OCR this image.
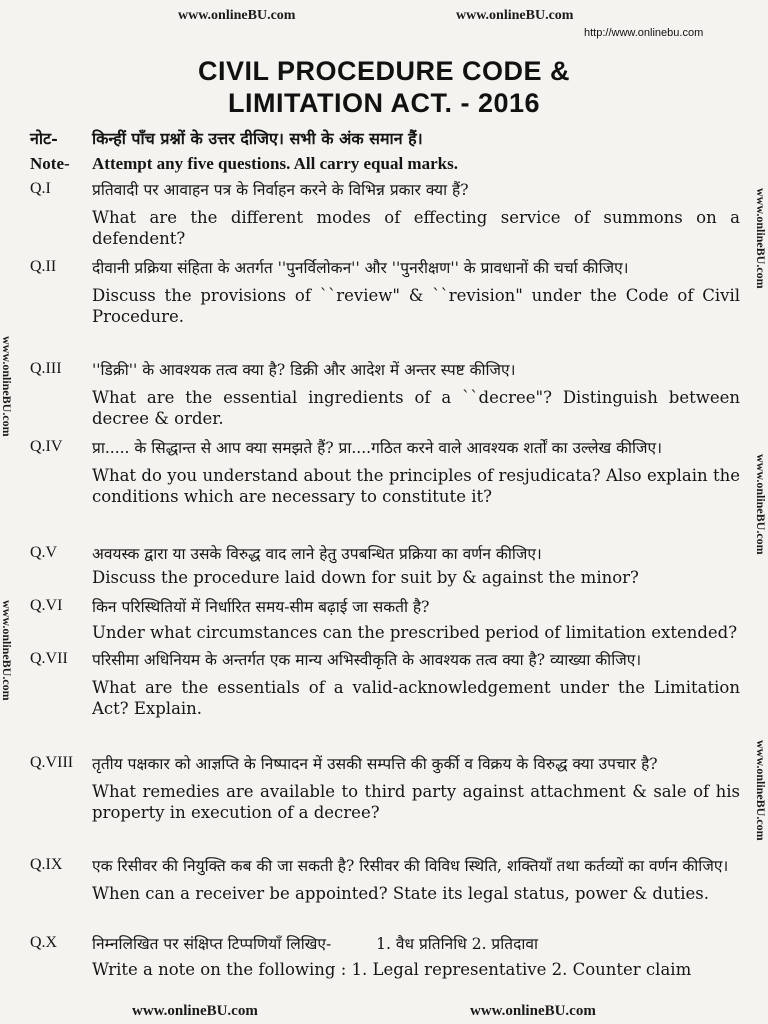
www.onlineBU.com	www.onlineBU.com
http://www.onlinebu.com
www.onlineBU.com
www.onlineBU.com
www.onlineBU.com
www.onlineBU.com
www.onlineBU.com
CIVIL PROCEDURE CODE &
LIMITATION ACT. - 2016
नोट-	किन्हीं पाँच प्रश्नों के उत्तर दीजिए। सभी के अंक समान हैं।
Note-	Attempt any five questions. All carry equal marks.
Q.I	प्रतिवादी पर आवाहन पत्र के निर्वाहन करने के विभिन्न प्रकार क्या हैं?
What are the different modes of effecting service of summons on a defendent?
Q.II दीवानी प्रक्रिया संहिता के अतर्गत ''पुनर्विलोकन'' और ''पुनरीक्षण'' के प्रावधानों की चर्चा कीजिए।
Discuss the provisions of ``review" & ``revision" under the Code of Civil Procedure.
Q.III ''डिक्री'' के आवश्यक तत्व क्या है? डिक्री और आदेश में अन्तर स्पष्ट कीजिए।
What are the essential ingredients of a ``decree"? Distinguish between decree & order.
Q.IV प्रा..... के सिद्धान्त से आप क्या समझते हैं? प्रा....गठित करने वाले आवश्यक शर्तों का उल्लेख कीजिए।
What do you understand about the principles of resjudicata? Also explain the conditions which are necessary to constitute it?
Q.V अवयस्क द्वारा या उसके विरुद्ध वाद लाने हेतु उपबन्धित प्रक्रिया का वर्णन कीजिए।
Discuss the procedure laid down for suit by & against the minor?
Q.VI किन परिस्थितियों में निर्धारित समय-सीम बढ़ाई जा सकती है?
Under what circumstances can the prescribed period of limitation extended?
Q.VII परिसीमा अधिनियम के अन्तर्गत एक मान्य अभिस्वीकृति के आवश्यक तत्व क्या है? व्याख्या कीजिए।
What are the essentials of a valid-acknowledgement under the Limitation Act? Explain.
Q.VIII तृतीय पक्षकार को आज्ञप्ति के निष्पादन में उसकी सम्पत्ति की कुर्की व विक्रय के विरुद्ध क्या उपचार है?
What remedies are available to third party against attachment & sale of his property in execution of a decree?
Q.IX एक रिसीवर की नियुक्ति कब की जा सकती है? रिसीवर की विविध स्थिति, शक्तियाँ तथा कर्तव्यों का वर्णन कीजिए।
When can a receiver be appointed? State its legal status, power & duties.
Q.X निम्नलिखित पर संक्षिप्त टिप्पणियाँ लिखिए-	1. वैध प्रतिनिधि 2. प्रतिदावा
Write a note on the following : 1. Legal representative 2. Counter claim
www.onlineBU.com	www.onlineBU.com
